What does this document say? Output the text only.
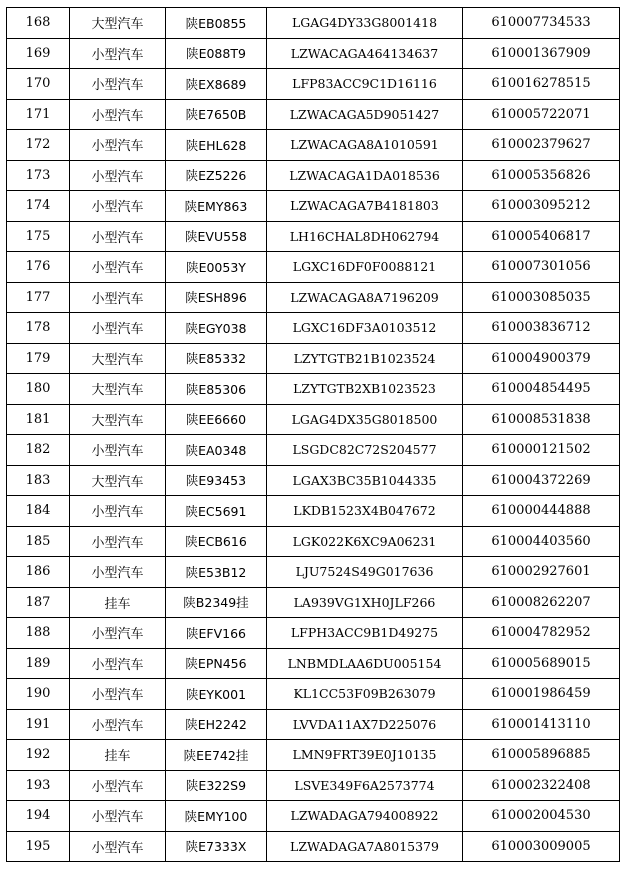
168	大型汽车	陕EB0855	LGAG4DY33G8001418	610007734533
169	小型汽车	陕E088T9	LZWACAGA464134637	610001367909
170	小型汽车	陕EX8689	LFP83ACC9C1D16116	610016278515
171	小型汽车	陕E7650B	LZWACAGA5D9051427	610005722071
172	小型汽车	陕EHL628	LZWACAGA8A1010591	610002379627
173	小型汽车	陕EZ5226	LZWACAGA1DA018536	610005356826
174	小型汽车	陕EMY863	LZWACAGA7B4181803	610003095212
175	小型汽车	陕EVU558	LH16CHAL8DH062794	610005406817
176	小型汽车	陕E0053Y	LGXC16DF0F0088121	610007301056
177	小型汽车	陕ESH896	LZWACAGA8A7196209	610003085035
178	小型汽车	陕EGY038	LGXC16DF3A0103512	610003836712
179	大型汽车	陕E85332	LZYTGTB21B1023524	610004900379
180	大型汽车	陕E85306	LZYTGTB2XB1023523	610004854495
181	大型汽车	陕EE6660	LGAG4DX35G8018500	610008531838
182	小型汽车	陕EA0348	LSGDC82C72S204577	610000121502
183	大型汽车	陕E93453	LGAX3BC35B1044335	610004372269
184	小型汽车	陕EC5691	LKDB1523X4B047672	610000444888
185	小型汽车	陕ECB616	LGK022K6XC9A06231	610004403560
186	小型汽车	陕E53B12	LJU7524S49G017636	610002927601
187	挂车	陕B2349挂	LA939VG1XH0JLF266	610008262207
188	小型汽车	陕EFV166	LFPH3ACC9B1D49275	610004782952
189	小型汽车	陕EPN456	LNBMDLAA6DU005154	610005689015
190	小型汽车	陕EYK001	KL1CC53F09B263079	610001986459
191	小型汽车	陕EH2242	LVVDA11AX7D225076	610001413110
192	挂车	陕EE742挂	LMN9FRT39E0J10135	610005896885
193	小型汽车	陕E322S9	LSVE349F6A2573774	610002322408
194	小型汽车	陕EMY100	LZWADAGA794008922	610002004530
195	小型汽车	陕E7333X	LZWADAGA7A8015379	610003009005
